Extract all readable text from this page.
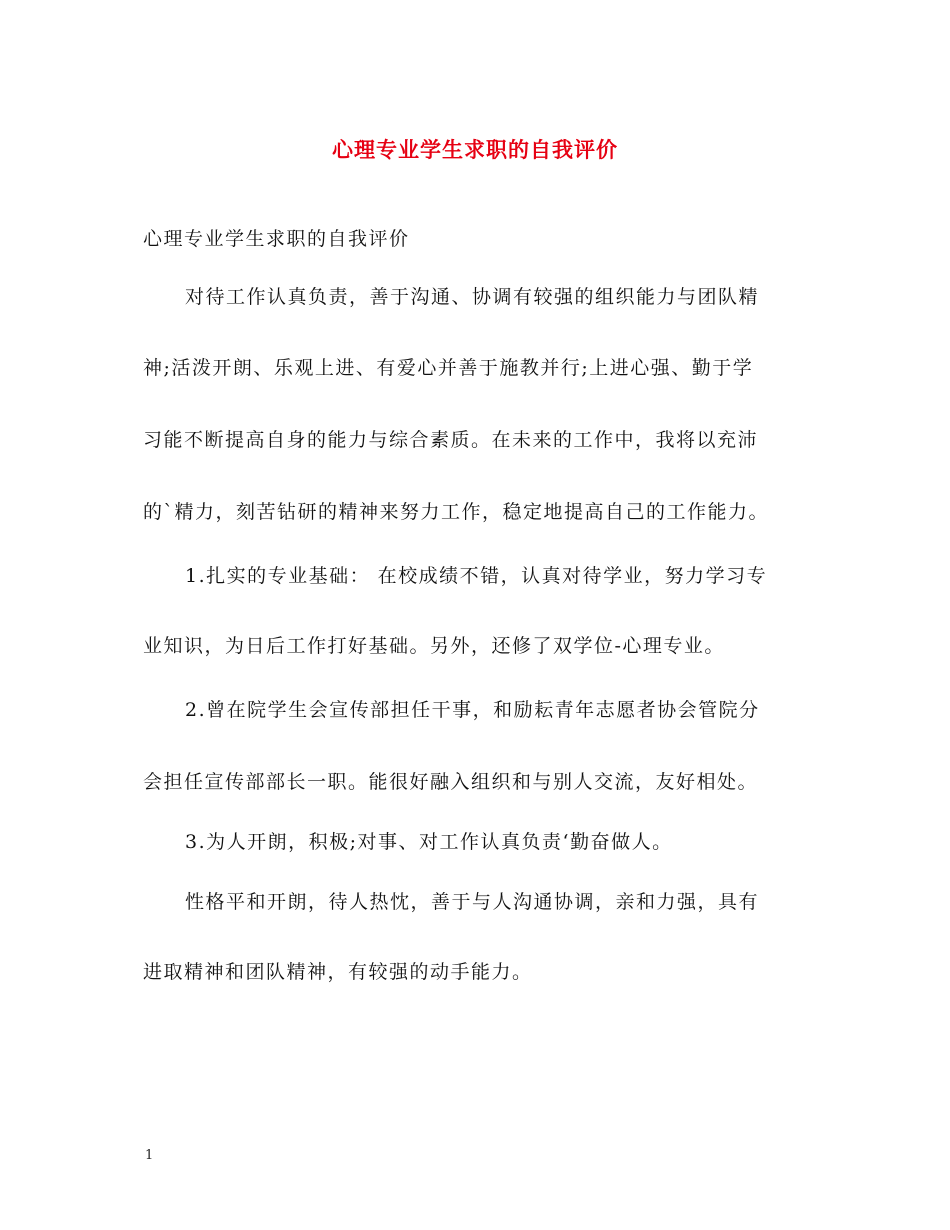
心理专业学生求职的自我评价
心理专业学生求职的自我评价
对待工作认真负责，善于沟通、协调有较强的组织能力与团队精
神;活泼开朗、乐观上进、有爱心并善于施教并行;上进心强、勤于学
习能不断提高自身的能力与综合素质。在未来的工作中，我将以充沛
的`精力，刻苦钻研的精神来努力工作，稳定地提高自己的工作能力。
1.扎实的专业基础： 在校成绩不错，认真对待学业，努力学习专
业知识，为日后工作打好基础。另外，还修了双学位-心理专业。
2.曾在院学生会宣传部担任干事，和励耘青年志愿者协会管院分
会担任宣传部部长一职。能很好融入组织和与别人交流，友好相处。
3.为人开朗，积极;对事、对工作认真负责‘勤奋做人。
性格平和开朗，待人热忱，善于与人沟通协调，亲和力强，具有
进取精神和团队精神，有较强的动手能力。
1
